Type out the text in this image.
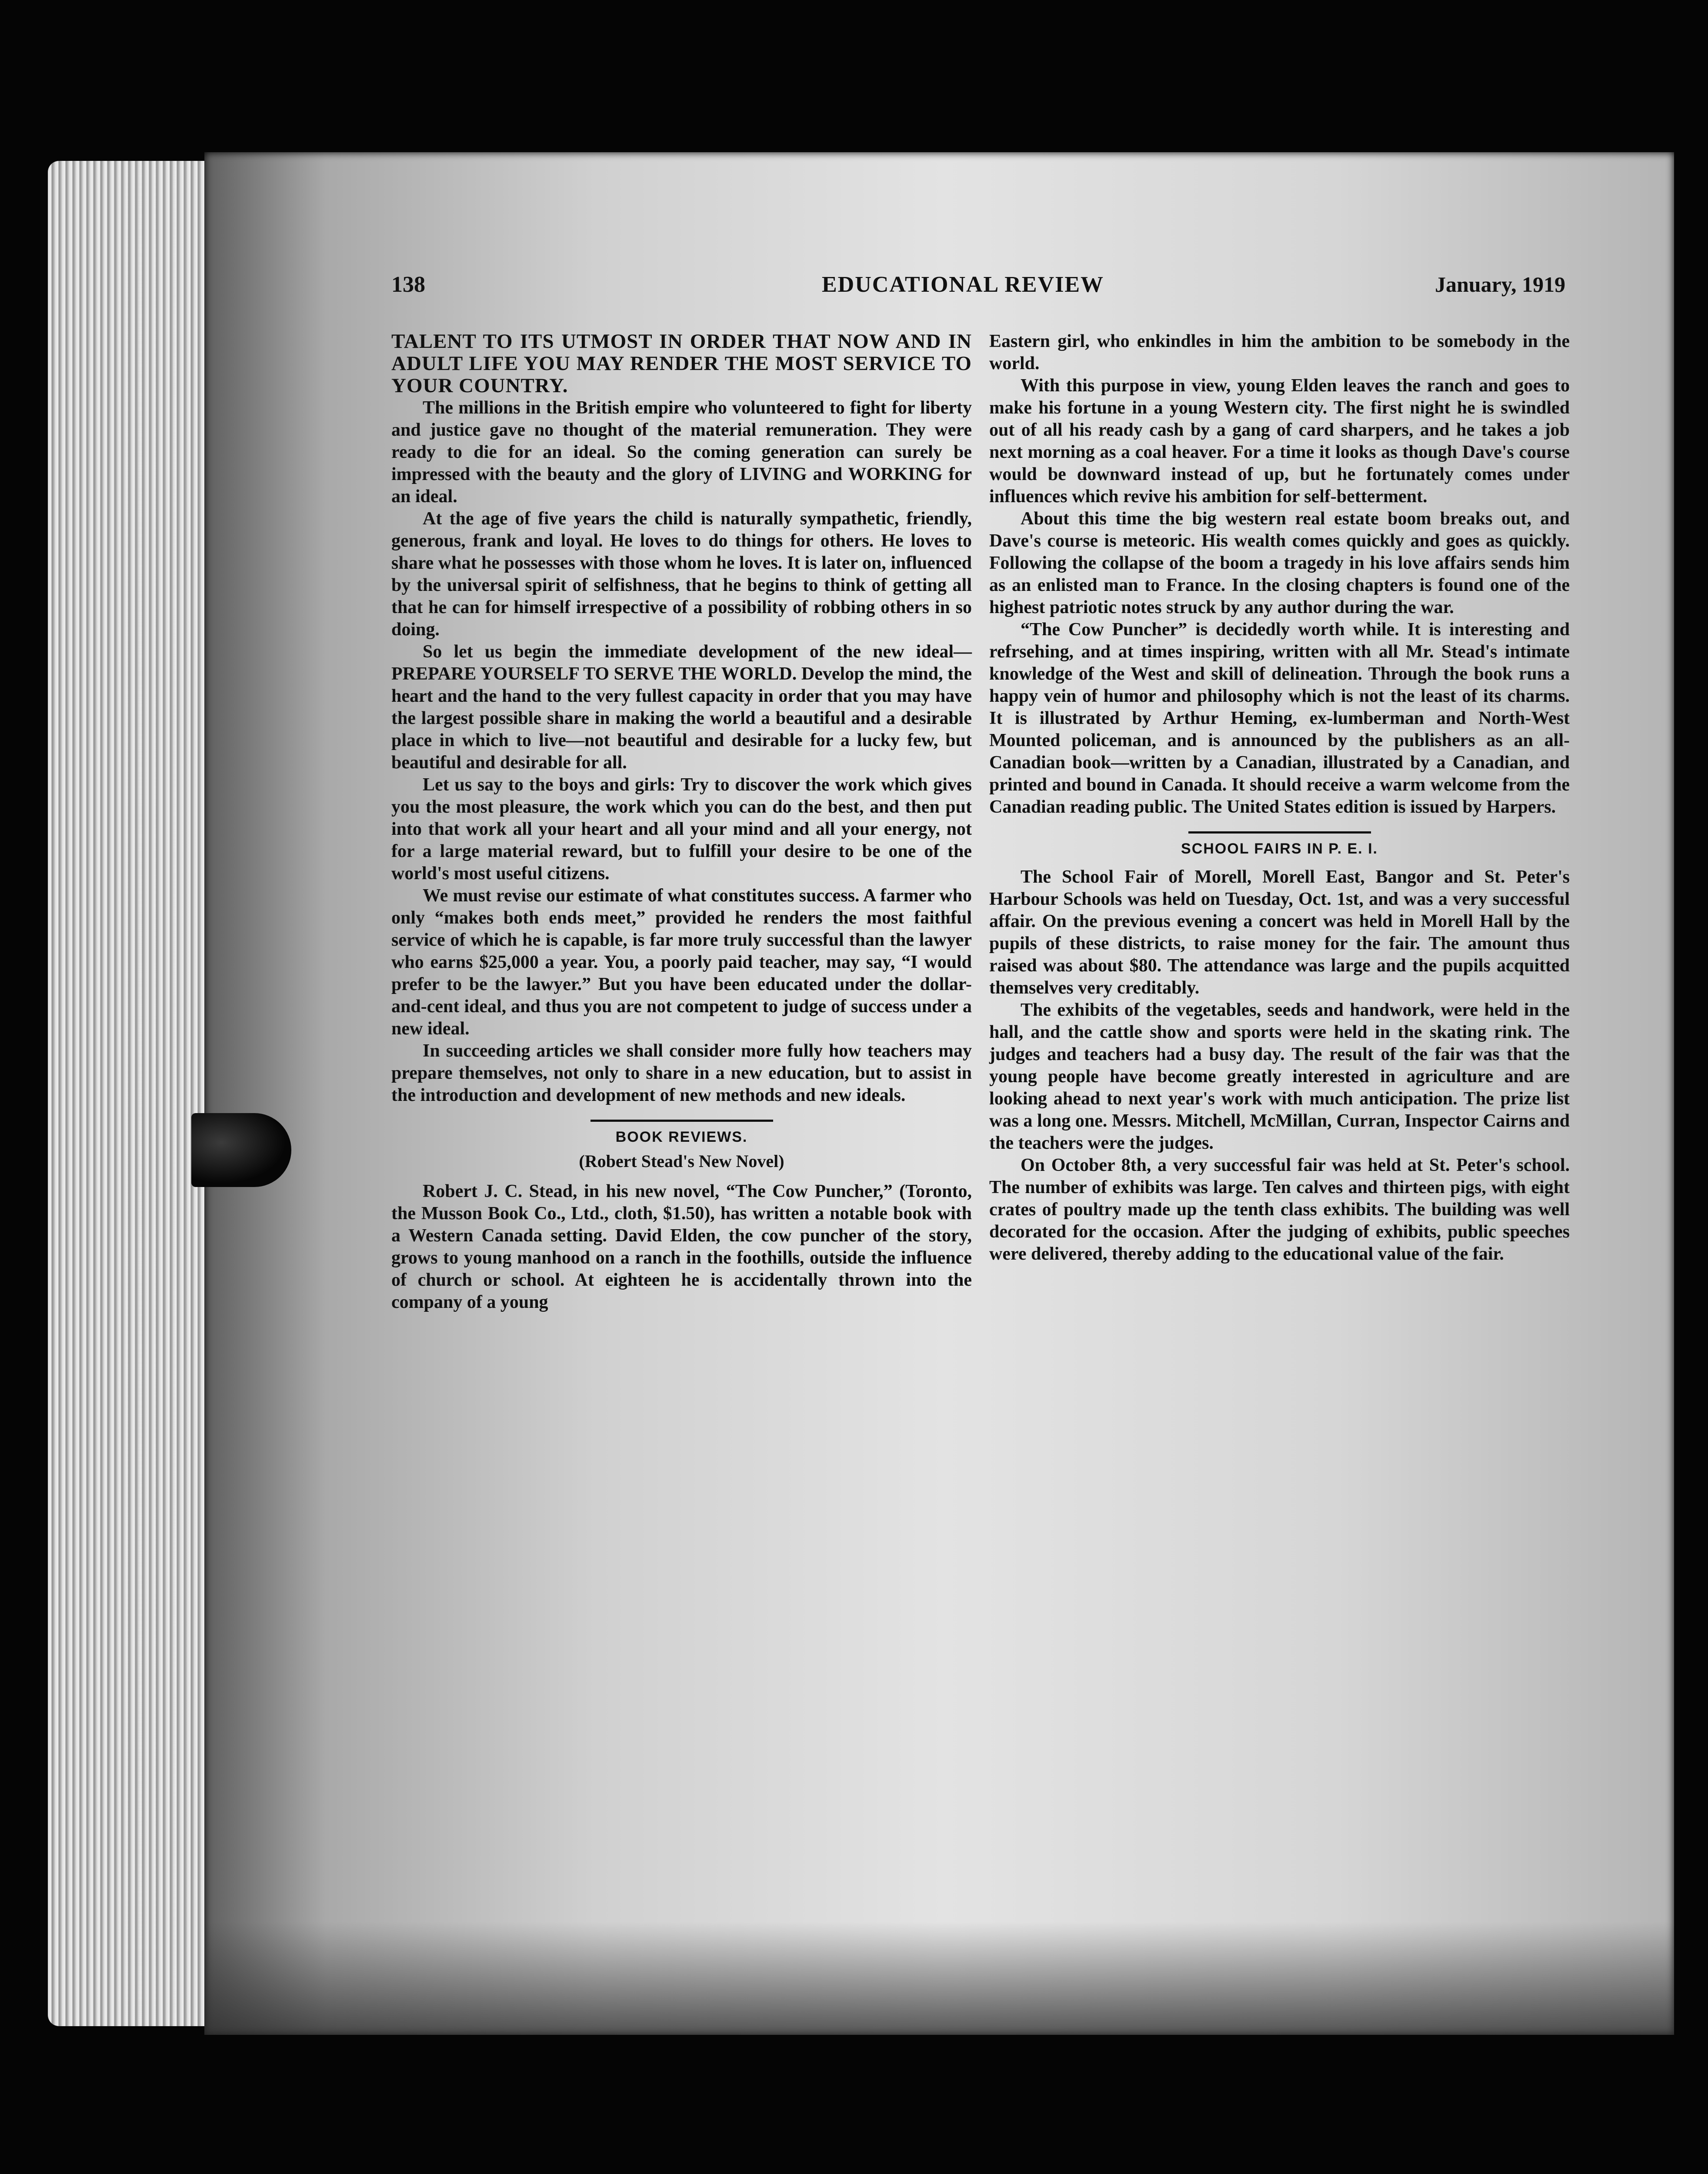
138	EDUCATIONAL REVIEW	January, 1919

TALENT TO ITS UTMOST IN ORDER THAT NOW AND IN ADULT LIFE YOU MAY RENDER THE MOST SERVICE TO YOUR COUNTRY.

The millions in the British empire who volunteered to fight for liberty and justice gave no thought of the material remuneration. They were ready to die for an ideal. So the coming generation can surely be impressed with the beauty and the glory of LIVING and WORKING for an ideal.

At the age of five years the child is naturally sympathetic, friendly, generous, frank and loyal. He loves to do things for others. He loves to share what he possesses with those whom he loves. It is later on, influenced by the universal spirit of selfishness, that he begins to think of getting all that he can for himself irrespective of a possibility of robbing others in so doing.

So let us begin the immediate development of the new ideal—PREPARE YOURSELF TO SERVE THE WORLD. Develop the mind, the heart and the hand to the very fullest capacity in order that you may have the largest possible share in making the world a beautiful and a desirable place in which to live—not beautiful and desirable for a lucky few, but beautiful and desirable for all.

Let us say to the boys and girls: Try to discover the work which gives you the most pleasure, the work which you can do the best, and then put into that work all your heart and all your mind and all your energy, not for a large material reward, but to fulfill your desire to be one of the world's most useful citizens.

We must revise our estimate of what constitutes success. A farmer who only “makes both ends meet,” provided he renders the most faithful service of which he is capable, is far more truly successful than the lawyer who earns $25,000 a year. You, a poorly paid teacher, may say, “I would prefer to be the lawyer.” But you have been educated under the dollar-and-cent ideal, and thus you are not competent to judge of success under a new ideal.

In succeeding articles we shall consider more fully how teachers may prepare themselves, not only to share in a new education, but to assist in the introduction and development of new methods and new ideals.

BOOK REVIEWS.
(Robert Stead's New Novel)

Robert J. C. Stead, in his new novel, “The Cow Puncher,” (Toronto, the Musson Book Co., Ltd., cloth, $1.50), has written a notable book with a Western Canada setting. David Elden, the cow puncher of the story, grows to young manhood on a ranch in the foothills, outside the influence of church or school. At eighteen he is accidentally thrown into the company of a young

Eastern girl, who enkindles in him the ambition to be somebody in the world.

With this purpose in view, young Elden leaves the ranch and goes to make his fortune in a young Western city. The first night he is swindled out of all his ready cash by a gang of card sharpers, and he takes a job next morning as a coal heaver. For a time it looks as though Dave's course would be downward instead of up, but he fortunately comes under influences which revive his ambition for self-betterment.

About this time the big western real estate boom breaks out, and Dave's course is meteoric. His wealth comes quickly and goes as quickly. Following the collapse of the boom a tragedy in his love affairs sends him as an enlisted man to France. In the closing chapters is found one of the highest patriotic notes struck by any author during the war.

“The Cow Puncher” is decidedly worth while. It is interesting and refrsehing, and at times inspiring, written with all Mr. Stead's intimate knowledge of the West and skill of delineation. Through the book runs a happy vein of humor and philosophy which is not the least of its charms. It is illustrated by Arthur Heming, ex-lumberman and North-West Mounted policeman, and is announced by the publishers as an all-Canadian book—written by a Canadian, illustrated by a Canadian, and printed and bound in Canada. It should receive a warm welcome from the Canadian reading public. The United States edition is issued by Harpers.

SCHOOL FAIRS IN P. E. I.

The School Fair of Morell, Morell East, Bangor and St. Peter's Harbour Schools was held on Tuesday, Oct. 1st, and was a very successful affair. On the previous evening a concert was held in Morell Hall by the pupils of these districts, to raise money for the fair. The amount thus raised was about $80. The attendance was large and the pupils acquitted themselves very creditably.

The exhibits of the vegetables, seeds and handwork, were held in the hall, and the cattle show and sports were held in the skating rink. The judges and teachers had a busy day. The result of the fair was that the young people have become greatly interested in agriculture and are looking ahead to next year's work with much anticipation. The prize list was a long one. Messrs. Mitchell, McMillan, Curran, Inspector Cairns and the teachers were the judges.

On October 8th, a very successful fair was held at St. Peter's school. The number of exhibits was large. Ten calves and thirteen pigs, with eight crates of poultry made up the tenth class exhibits. The building was well decorated for the occasion. After the judging of exhibits, public speeches were delivered, thereby adding to the educational value of the fair.
